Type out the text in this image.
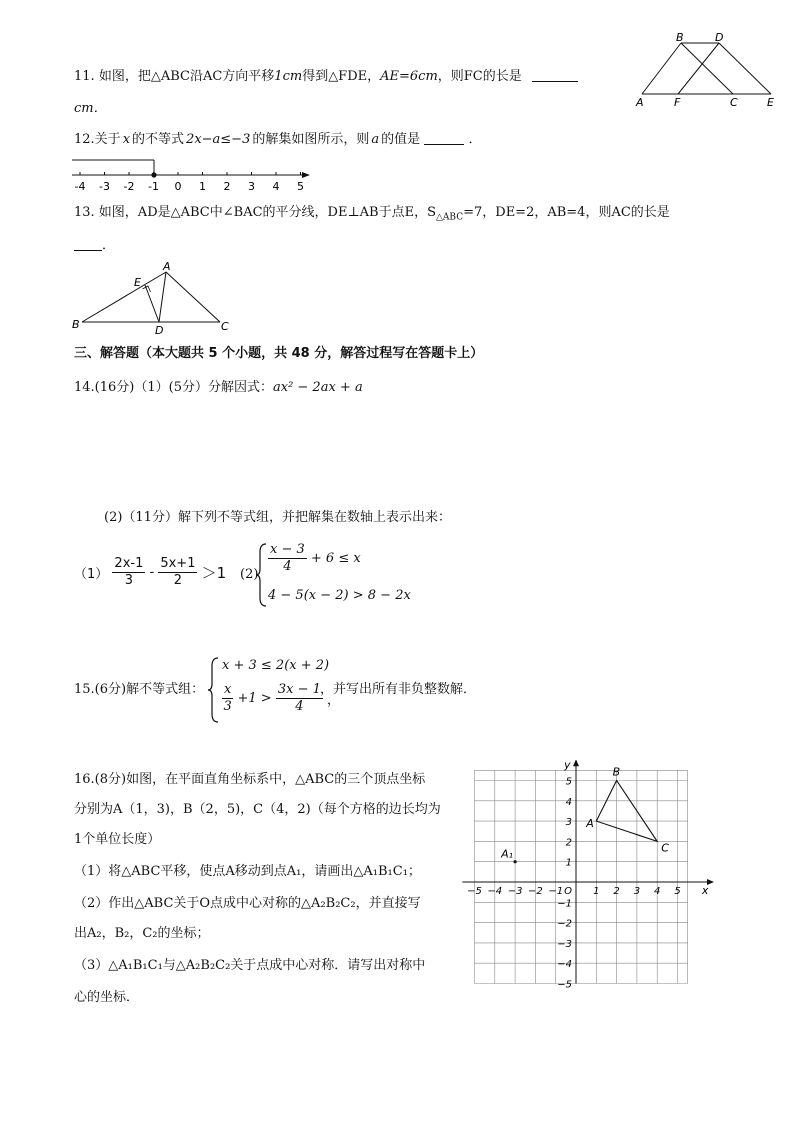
11. 如图，把△ABC沿AC方向平移1cm得到△FDE，AE=6cm，则FC的长是
cm．
B	D
A	F	C	E
12.关于 x 的不等式 2x−a≤−3 的解集如图所示，则 a 的值是	．
-4 -3 -2 -1 0 1 2 3 4 5
13. 如图，AD是△ABC中∠BAC的平分线，DE⊥AB于点E，$S_{\triangle ABC}=7$，DE=2，AB=4，则AC的长是
．
A
E
B	D	C
三、解答题（本大题共 5 个小题，共 48 分，解答过程写在答题卡上）
14.(16分)（1）(5分）分解因式：ax² − 2ax + a
(2)（11分）解下列不等式组，并把解集在数轴上表示出来：
$(1) \frac{2x-1}{3} - \frac{5x+1}{2} >1$ $(2) \frac{x - 3}{4} + 6 \le x$
4 − 5(x − 2) > 8 − 2x
15.(6分)解不等式组：
x + 3 ≤ 2(x + 2)
$\frac{x}{3} +1 > \frac{3x - 1}{4}$ ，
，并写出所有非负整数解．
16.(8分)如图，在平面直角坐标系中，△ABC的三个顶点坐标
分别为A（1，3)，B（2，5)，C（4，2)（每个方格的边长均为
1个单位长度）
（1）将△ABC平移，使点A移动到点A₁，请画出△A₁B₁C₁；
（2）作出△ABC关于O点成中心对称的△A₂B₂C₂，并直接写
出A₂，B₂，C₂的坐标；
（3）△A₁B₁C₁与△A₂B₂C₂关于点成中心对称．请写出对称中
心的坐标．
−5 −4 −3 −2 −1	1 2 3 4 5
5
4
3
2
1
−1
−2
−3
−4
−5
O	x
y
A
B
C
A₁
